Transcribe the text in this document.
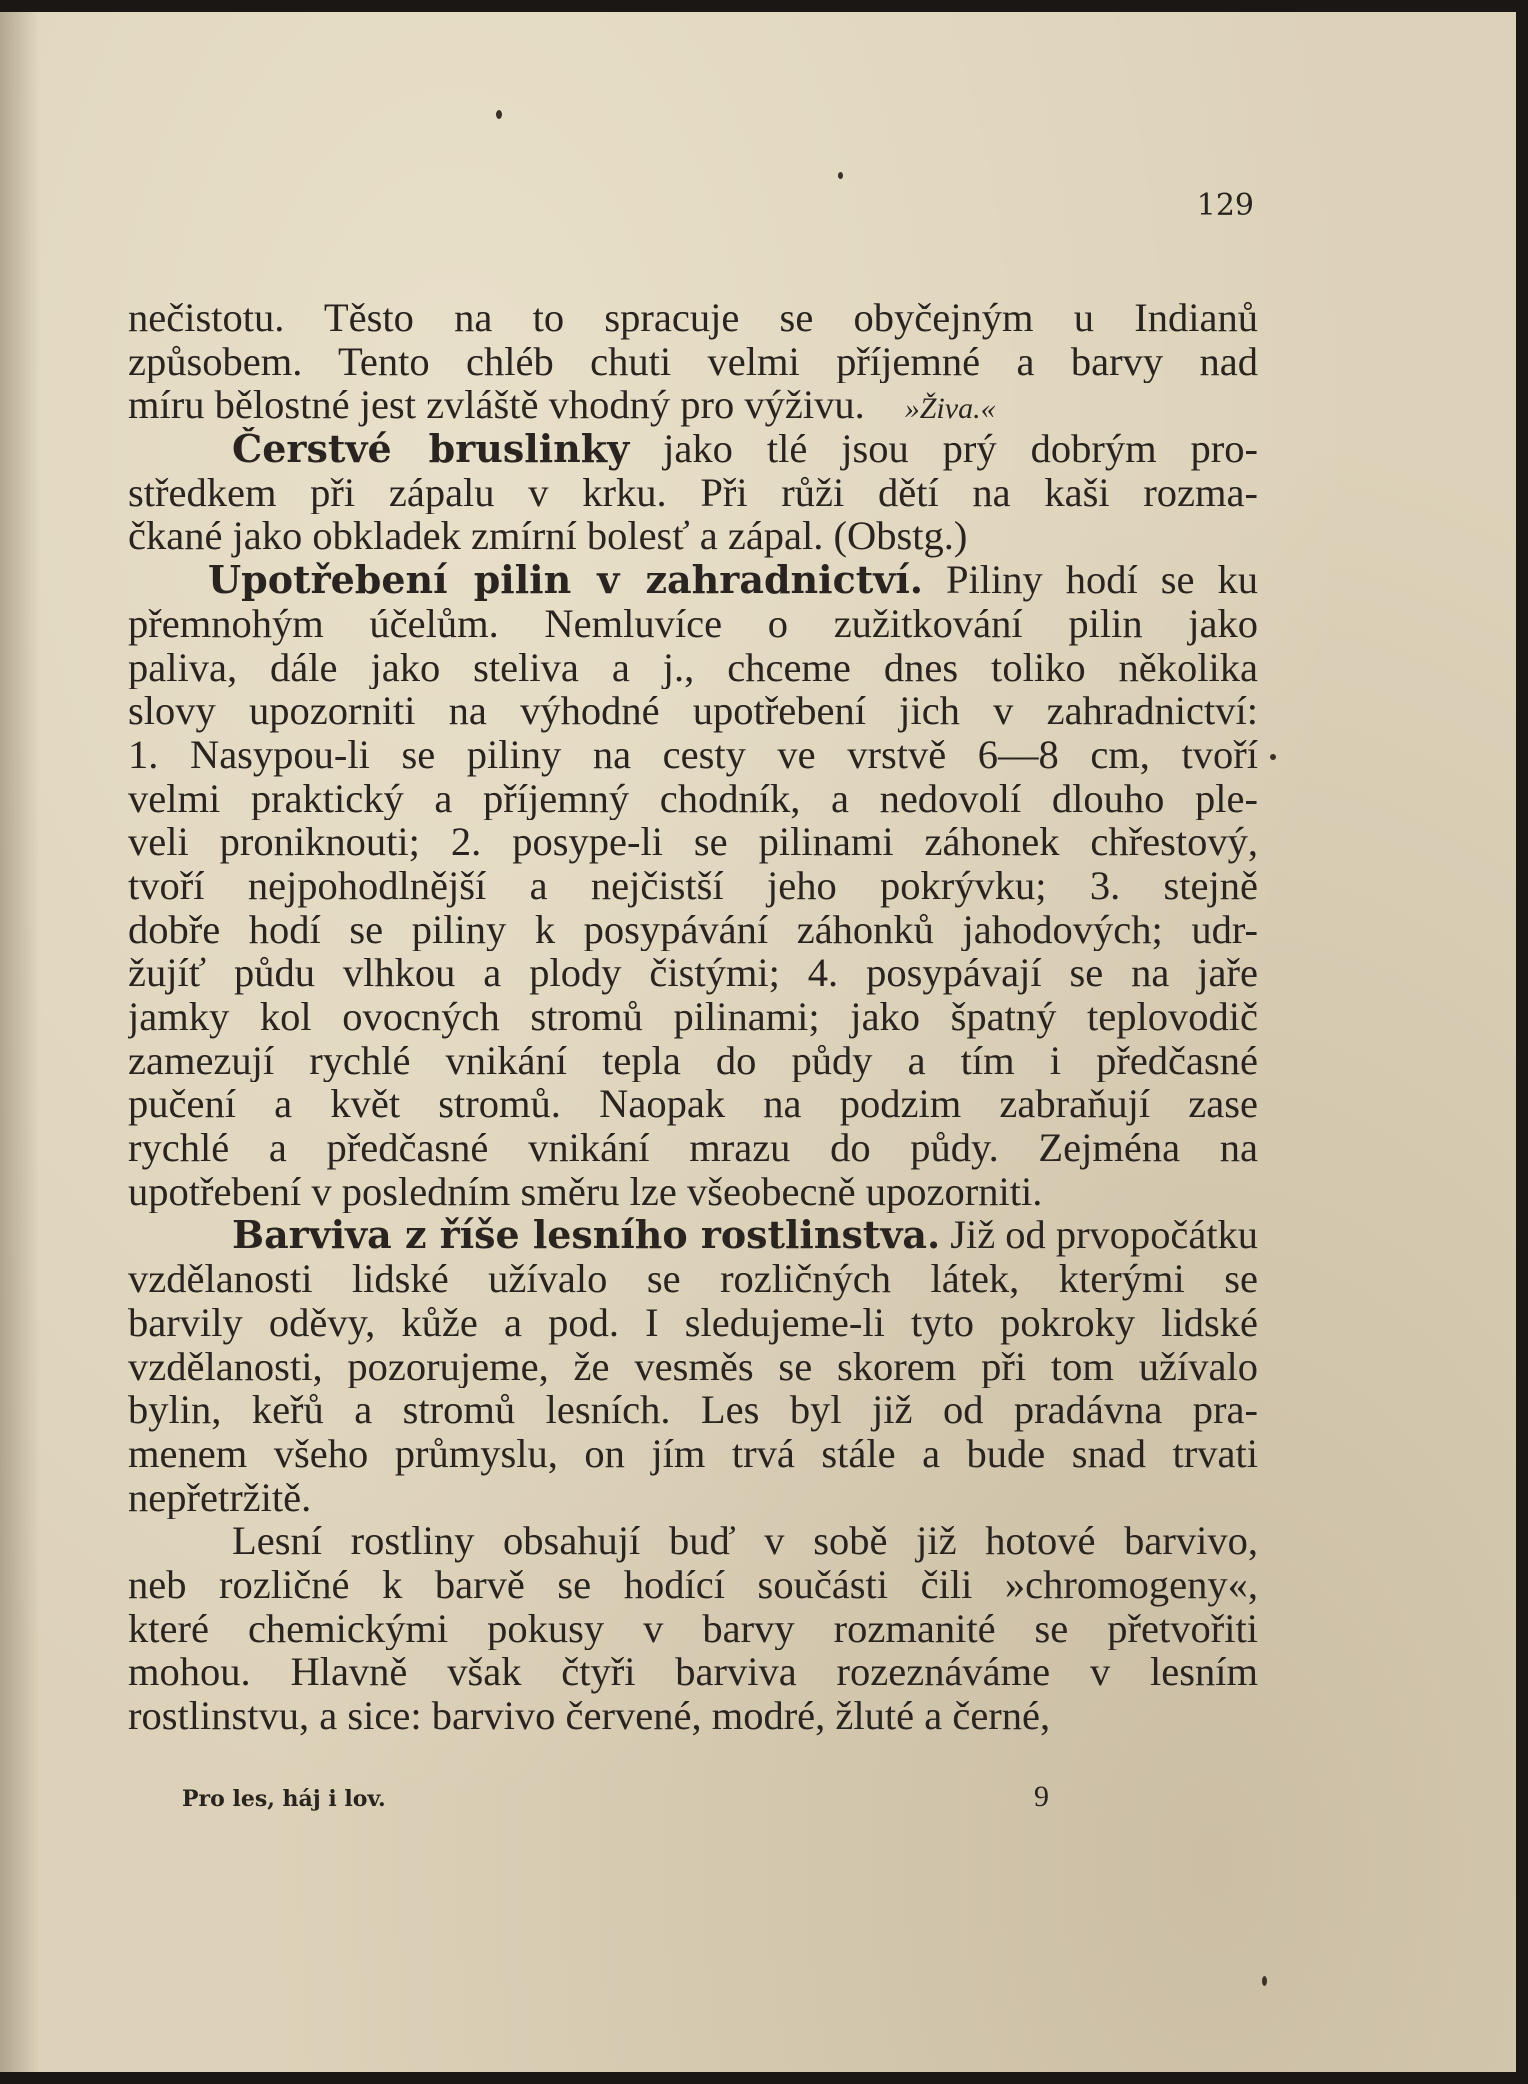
129

nečistotu. Těsto na to spracuje se obyčejným u Indianů
způsobem. Tento chléb chuti velmi příjemné a barvy nad
míru bělostné jest zvláště vhodný pro výživu. »Živa.«
Čerstvé bruslinky jako tlé jsou prý dobrým pro-
středkem při zápalu v krku. Při růži dětí na kaši rozma-
čkané jako obkladek zmírní bolesť a zápal. (Obstg.)
Upotřebení pilin v zahradnictví. Piliny hodí se ku
přemnohým účelům. Nemluvíce o zužitkování pilin jako
paliva, dále jako steliva a j., chceme dnes toliko několika
slovy upozorniti na výhodné upotřebení jich v zahradnictví:
1. Nasypou-li se piliny na cesty ve vrstvě 6—8 cm, tvoří
velmi praktický a příjemný chodník, a nedovolí dlouho ple-
veli proniknouti; 2. posype-li se pilinami záhonek chřestový,
tvoří nejpohodlnější a nejčistší jeho pokrývku; 3. stejně
dobře hodí se piliny k posypávání záhonků jahodových; udr-
žujíť půdu vlhkou a plody čistými; 4. posypávají se na jaře
jamky kol ovocných stromů pilinami; jako špatný teplovodič
zamezují rychlé vnikání tepla do půdy a tím i předčasné
pučení a květ stromů. Naopak na podzim zabraňují zase
rychlé a předčasné vnikání mrazu do půdy. Zejména na
upotřebení v posledním směru lze všeobecně upozorniti.
Barviva z říše lesního rostlinstva. Již od prvopočátku
vzdělanosti lidské užívalo se rozličných látek, kterými se
barvily oděvy, kůže a pod. I sledujeme-li tyto pokroky lidské
vzdělanosti, pozorujeme, že vesměs se skorem při tom užívalo
bylin, keřů a stromů lesních. Les byl již od pradávna pra-
menem všeho průmyslu, on jím trvá stále a bude snad trvati
nepřetržitě.
Lesní rostliny obsahují buď v sobě již hotové barvivo,
neb rozličné k barvě se hodící součásti čili »chromogeny«,
které chemickými pokusy v barvy rozmanité se přetvořiti
mohou. Hlavně však čtyři barviva rozeznáváme v lesním
rostlinstvu, a sice: barvivo červené, modré, žluté a černé,

Pro les, háj i lov.	9
